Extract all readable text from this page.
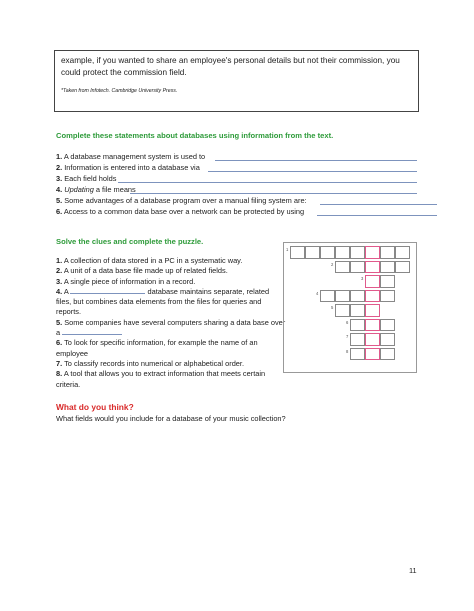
example, if you wanted to share an employee's personal details but not their commission, you could protect the commission field.

*Taken from Infotech. Cambridge University Press.

Complete these statements about databases using information from the text.
1. A database management system is used to
2. Information is entered into a database via
3. Each field holds
4. Updating a file means
5. Some advantages of a database program over a manual filing system are:
6. Access to a common data base over a network can be protected by using
Solve the clues and complete the puzzle.
1. A collection of data stored in a PC in a systematic way.
2. A unit of a data base file made up of related fields.
3. A single piece of information in a record.
4. A	database maintains separate, related files, but combines data elements from the files for queries and reports.
5. Some companies have several computers sharing a data base over a
6. To look for specific information, for example the name of an employee
7. To classify records into numerical or alphabetical order.
8. A tool that allows you to extract information that meets certain criteria.
1
2
3
4
5
6
7
8
What do you think?
What fields would you include for a database of your music collection?
11
